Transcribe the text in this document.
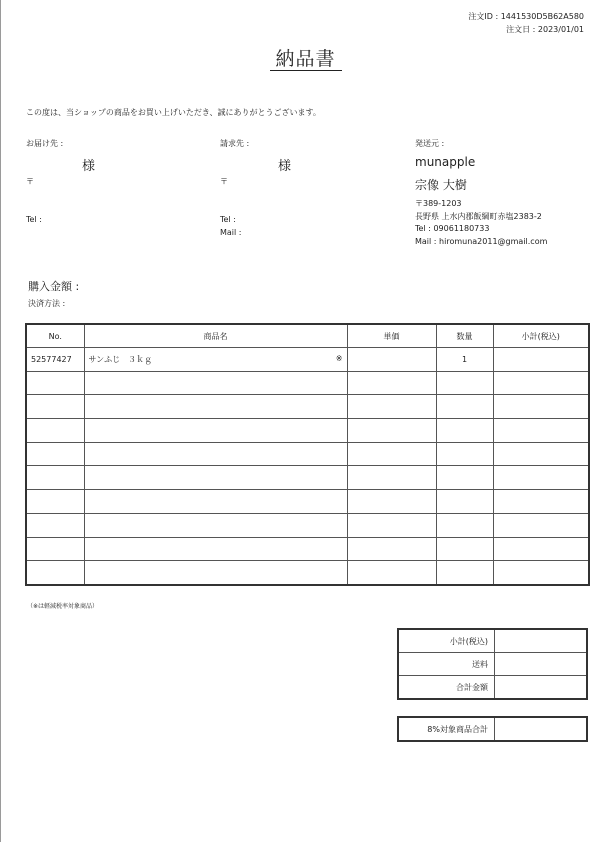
注文ID : 1441530D5B62A580
注文日 : 2023/01/01
納品書
この度は、当ショップの商品をお買い上げいただき、誠にありがとうございます。
お届け先 :
様
〒
Tel :
請求先 :
様
〒
Tel :
Mail :
発送元 :
munapple
宗像 大樹
〒389-1203
長野県 上水内郡飯綱町赤塩2383-2
Tel : 09061180733
Mail : hiromuna2011@gmail.com
購入金額 :
決済方法 :
No.	商品名	単価	数量	小計(税込)
52577427	サンふじ　３ｋｇ ※		1	

（※は軽減税率対象商品）
小計(税込)	
送料	
合計金額	
8%対象商品合計	
